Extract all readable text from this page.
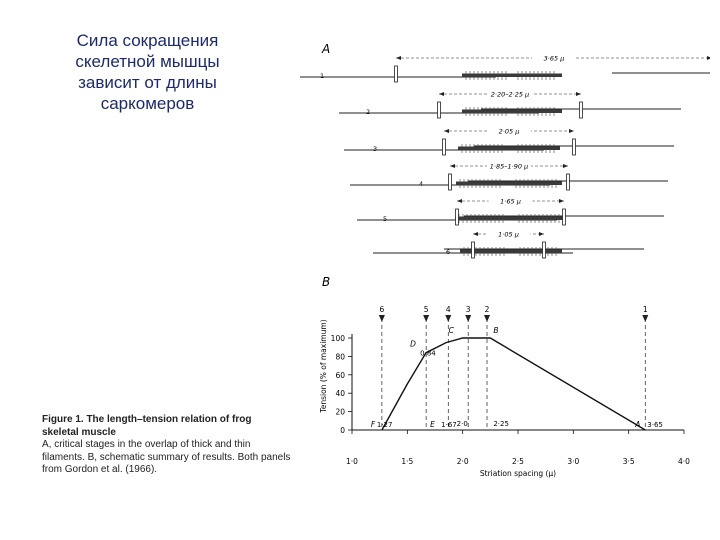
Сила сокращения
скелетной мышцы
зависит от длины
саркомеров
Figure 1. The length–tension relation of frog
skeletal muscle
A, critical stages in the overlap of thick and thin
filaments. B, schematic summary of results. Both panels
from Gordon et al. (1966).
A
1
3·65 μ
2
2·20–2·25 μ
3
2·05 μ
4
1·85–1·90 μ
5
1·65 μ
6
1·05 μ
B
1·0	1·5	2·0	2·5	3·0	3·5	4·0
0
20
40
60
80
100
Striation spacing (μ)
Tension (% of maximum)
6	5 4 3 2	1
F 1·27	E 1·67
D
0·84
C
2·0
B
2·25	A 3·65
